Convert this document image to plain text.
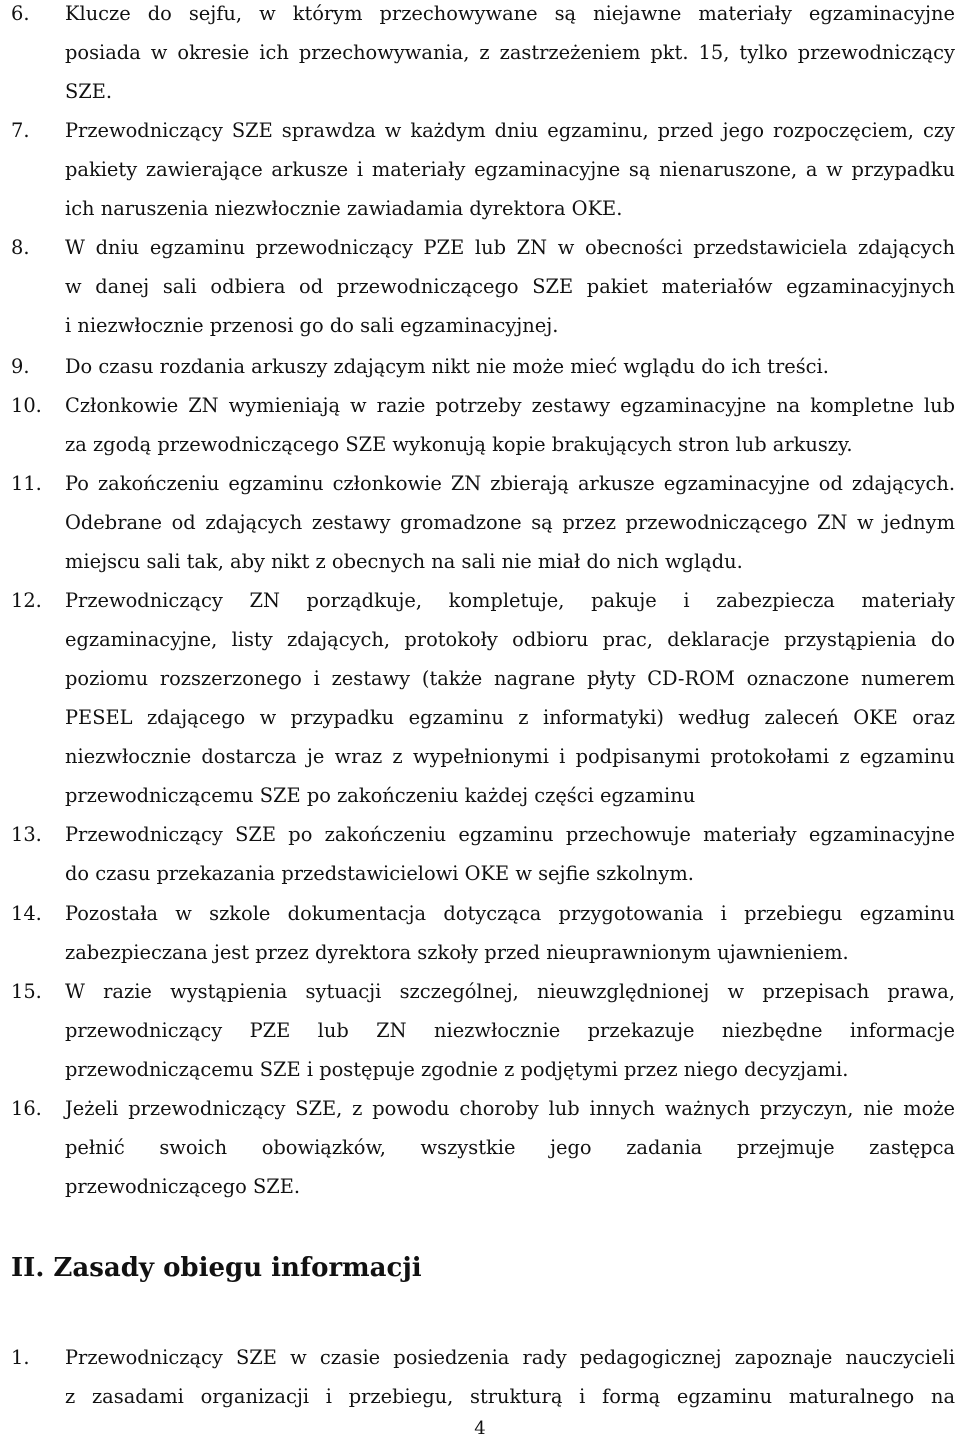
6. Klucze do sejfu, w którym przechowywane są niejawne materiały egzaminacyjne
posiada w okresie ich przechowywania, z zastrzeżeniem pkt. 15, tylko przewodniczący
SZE.
7. Przewodniczący SZE sprawdza w każdym dniu egzaminu, przed jego rozpoczęciem, czy
pakiety zawierające arkusze i materiały egzaminacyjne są nienaruszone, a w przypadku
ich naruszenia niezwłocznie zawiadamia dyrektora OKE.
8. W dniu egzaminu przewodniczący PZE lub ZN w obecności przedstawiciela zdających
w danej sali odbiera od przewodniczącego SZE pakiet materiałów egzaminacyjnych
i niezwłocznie przenosi go do sali egzaminacyjnej.
9. Do czasu rozdania arkuszy zdającym nikt nie może mieć wglądu do ich treści.
10. Członkowie ZN wymieniają w razie potrzeby zestawy egzaminacyjne na kompletne lub
za zgodą przewodniczącego SZE wykonują kopie brakujących stron lub arkuszy.
11. Po zakończeniu egzaminu członkowie ZN zbierają arkusze egzaminacyjne od zdających.
Odebrane od zdających zestawy gromadzone są przez przewodniczącego ZN w jednym
miejscu sali tak, aby nikt z obecnych na sali nie miał do nich wglądu.
12. Przewodniczący ZN porządkuje, kompletuje, pakuje i zabezpiecza materiały
egzaminacyjne, listy zdających, protokoły odbioru prac, deklaracje przystąpienia do
poziomu rozszerzonego i zestawy (także nagrane płyty CD-ROM oznaczone numerem
PESEL zdającego w przypadku egzaminu z informatyki) według zaleceń OKE oraz
niezwłocznie dostarcza je wraz z wypełnionymi i podpisanymi protokołami z egzaminu
przewodniczącemu SZE po zakończeniu każdej części egzaminu
13. Przewodniczący SZE po zakończeniu egzaminu przechowuje materiały egzaminacyjne
do czasu przekazania przedstawicielowi OKE w sejfie szkolnym.
14. Pozostała w szkole dokumentacja dotycząca przygotowania i przebiegu egzaminu
zabezpieczana jest przez dyrektora szkoły przed nieuprawnionym ujawnieniem.
15. W razie wystąpienia sytuacji szczególnej, nieuwzględnionej w przepisach prawa,
przewodniczący PZE lub ZN niezwłocznie przekazuje niezbędne informacje
przewodniczącemu SZE i postępuje zgodnie z podjętymi przez niego decyzjami.
16. Jeżeli przewodniczący SZE, z powodu choroby lub innych ważnych przyczyn, nie może
pełnić swoich obowiązków, wszystkie jego zadania przejmuje zastępca
przewodniczącego SZE.
II. Zasady obiegu informacji
1. Przewodniczący SZE w czasie posiedzenia rady pedagogicznej zapoznaje nauczycieli
z zasadami organizacji i przebiegu, strukturą i formą egzaminu maturalnego na
4
